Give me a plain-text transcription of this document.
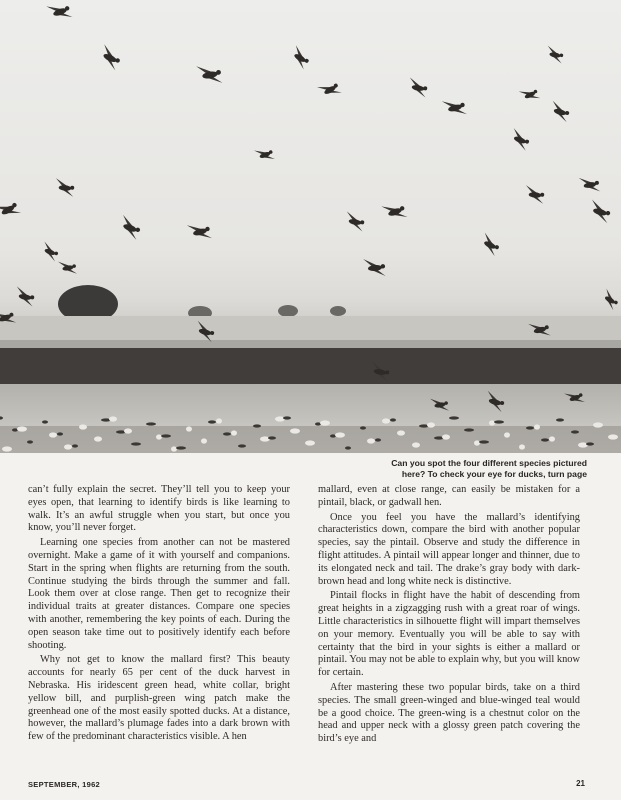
Can you spot the four different species pictured
here? To check your eye for ducks, turn page

can’t fully explain the secret. They’ll tell you to keep your eyes open, that learning to identify birds is like learning to walk. It’s an awful struggle when you start, but once you know, you’ll never forget.

Learning one species from another can not be mastered overnight. Make a game of it with yourself and companions. Start in the spring when flights are returning from the south. Continue studying the birds through the summer and fall. Look them over at close range. Then get to recognize their individual traits at greater distances. Compare one species with another, remembering the key points of each. During the open season take time out to positively identify each before shooting.

Why not get to know the mallard first? This beauty accounts for nearly 65 per cent of the duck harvest in Nebraska. His iridescent green head, white collar, bright yellow bill, and purplish-green wing patch make the greenhead one of the most easily spotted ducks. At a distance, however, the mallard’s plumage fades into a dark brown with few of the predominant characteristics visible. A hen

mallard, even at close range, can easily be mistaken for a pintail, black, or gadwall hen.

Once you feel you have the mallard’s identifying characteristics down, compare the bird with another popular species, say the pintail. Observe and study the difference in flight attitudes. A pintail will appear longer and thinner, due to its elongated neck and tail. The drake’s gray body with dark-brown head and long white neck is distinctive.

Pintail flocks in flight have the habit of descending from great heights in a zigzagging rush with a great roar of wings. Little characteristics in silhouette flight will impart themselves on your memory. Eventually you will be able to say with certainty that the bird in your sights is either a mallard or pintail. You may not be able to explain why, but you will know for certain.

After mastering these two popular birds, take on a third species. The small green-winged and blue-winged teal would be a good choice. The green-wing is a chestnut color on the head and upper neck with a glossy green patch covering the bird’s eye and

SEPTEMBER, 1962	21
